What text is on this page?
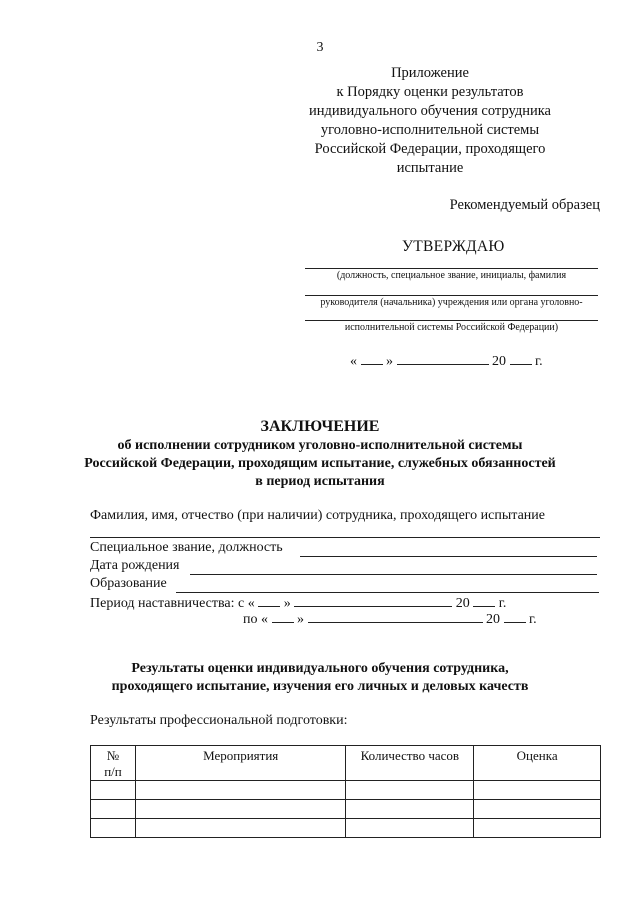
3
Приложение
к Порядку оценки результатов
индивидуального обучения сотрудника
уголовно-исполнительной системы
Российской Федерации, проходящего
испытание
Рекомендуемый образец
УТВЕРЖДАЮ
(должность, специальное звание, инициалы, фамилия
руководителя (начальника) учреждения или органа уголовно-
исполнительной системы Российской Федерации)
« »	20 г.
ЗАКЛЮЧЕНИЕ
об исполнении сотрудником уголовно-исполнительной системы
Российской Федерации, проходящим испытание, служебных обязанностей
в период испытания
Фамилия, имя, отчество (при наличии) сотрудника, проходящего испытание
Специальное звание, должность
Дата рождения
Образование
Период наставничества: с « »	20 г.
по « »	20 г.
Результаты оценки индивидуального обучения сотрудника,
проходящего испытание, изучения его личных и деловых качеств
Результаты профессиональной подготовки:
№
п/п	Мероприятия	Количество часов	Оценка
